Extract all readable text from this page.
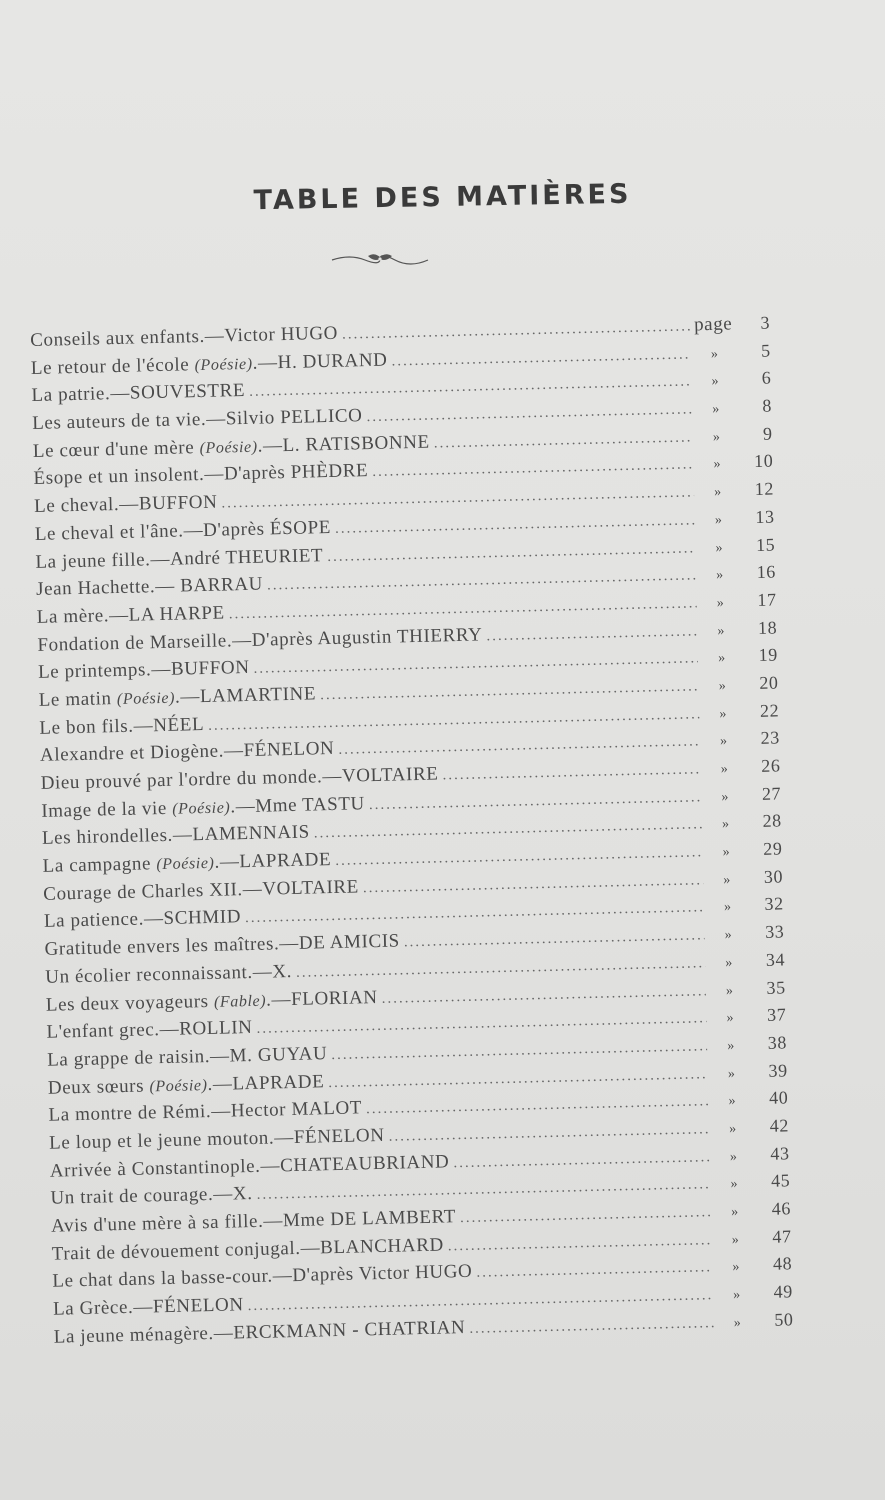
TABLE DES MATIÈRES
Conseils aux enfants.—Victor HUGO .....	page	3
Le retour de l'école (Poésie).—H. DURAND .....	»	5
La patrie.—SOUVESTRE .....	»	6
Les auteurs de ta vie.—Silvio PELLICO .....	»	8
Le cœur d'une mère (Poésie).—L. RATISBONNE .....	»	9
Ésope et un insolent.—D'après PHÈDRE .....	»	10
Le cheval.—BUFFON .....	»	12
Le cheval et l'âne.—D'après ÉSOPE .....	»	13
La jeune fille.—André THEURIET .....	»	15
Jean Hachette.— BARRAU .....	»	16
La mère.—LA HARPE .....	»	17
Fondation de Marseille.—D'après Augustin THIERRY .....	»	18
Le printemps.—BUFFON .....	»	19
Le matin (Poésie).—LAMARTINE .....	»	20
Le bon fils.—NÉEL .....	»	22
Alexandre et Diogène.—FÉNELON .....	»	23
Dieu prouvé par l'ordre du monde.—VOLTAIRE .....	»	26
Image de la vie (Poésie).—Mme TASTU .....	»	27
Les hirondelles.—LAMENNAIS .....	»	28
La campagne (Poésie).—LAPRADE .....	»	29
Courage de Charles XII.—VOLTAIRE .....	»	30
La patience.—SCHMID .....	»	32
Gratitude envers les maîtres.—DE AMICIS .....	»	33
Un écolier reconnaissant.—X. .....	»	34
Les deux voyageurs (Fable).—FLORIAN .....	»	35
L'enfant grec.—ROLLIN .....	»	37
La grappe de raisin.—M. GUYAU .....	»	38
Deux sœurs (Poésie).—LAPRADE .....	»	39
La montre de Rémi.—Hector MALOT .....	»	40
Le loup et le jeune mouton.—FÉNELON .....	»	42
Arrivée à Constantinople.—CHATEAUBRIAND .....	»	43
Un trait de courage.—X. .....	»	45
Avis d'une mère à sa fille.—Mme DE LAMBERT .....	»	46
Trait de dévouement conjugal.—BLANCHARD .....	»	47
Le chat dans la basse-cour.—D'après Victor HUGO .....	»	48
La Grèce.—FÉNELON .....	»	49
La jeune ménagère.—ERCKMANN - CHATRIAN .....	»	50
